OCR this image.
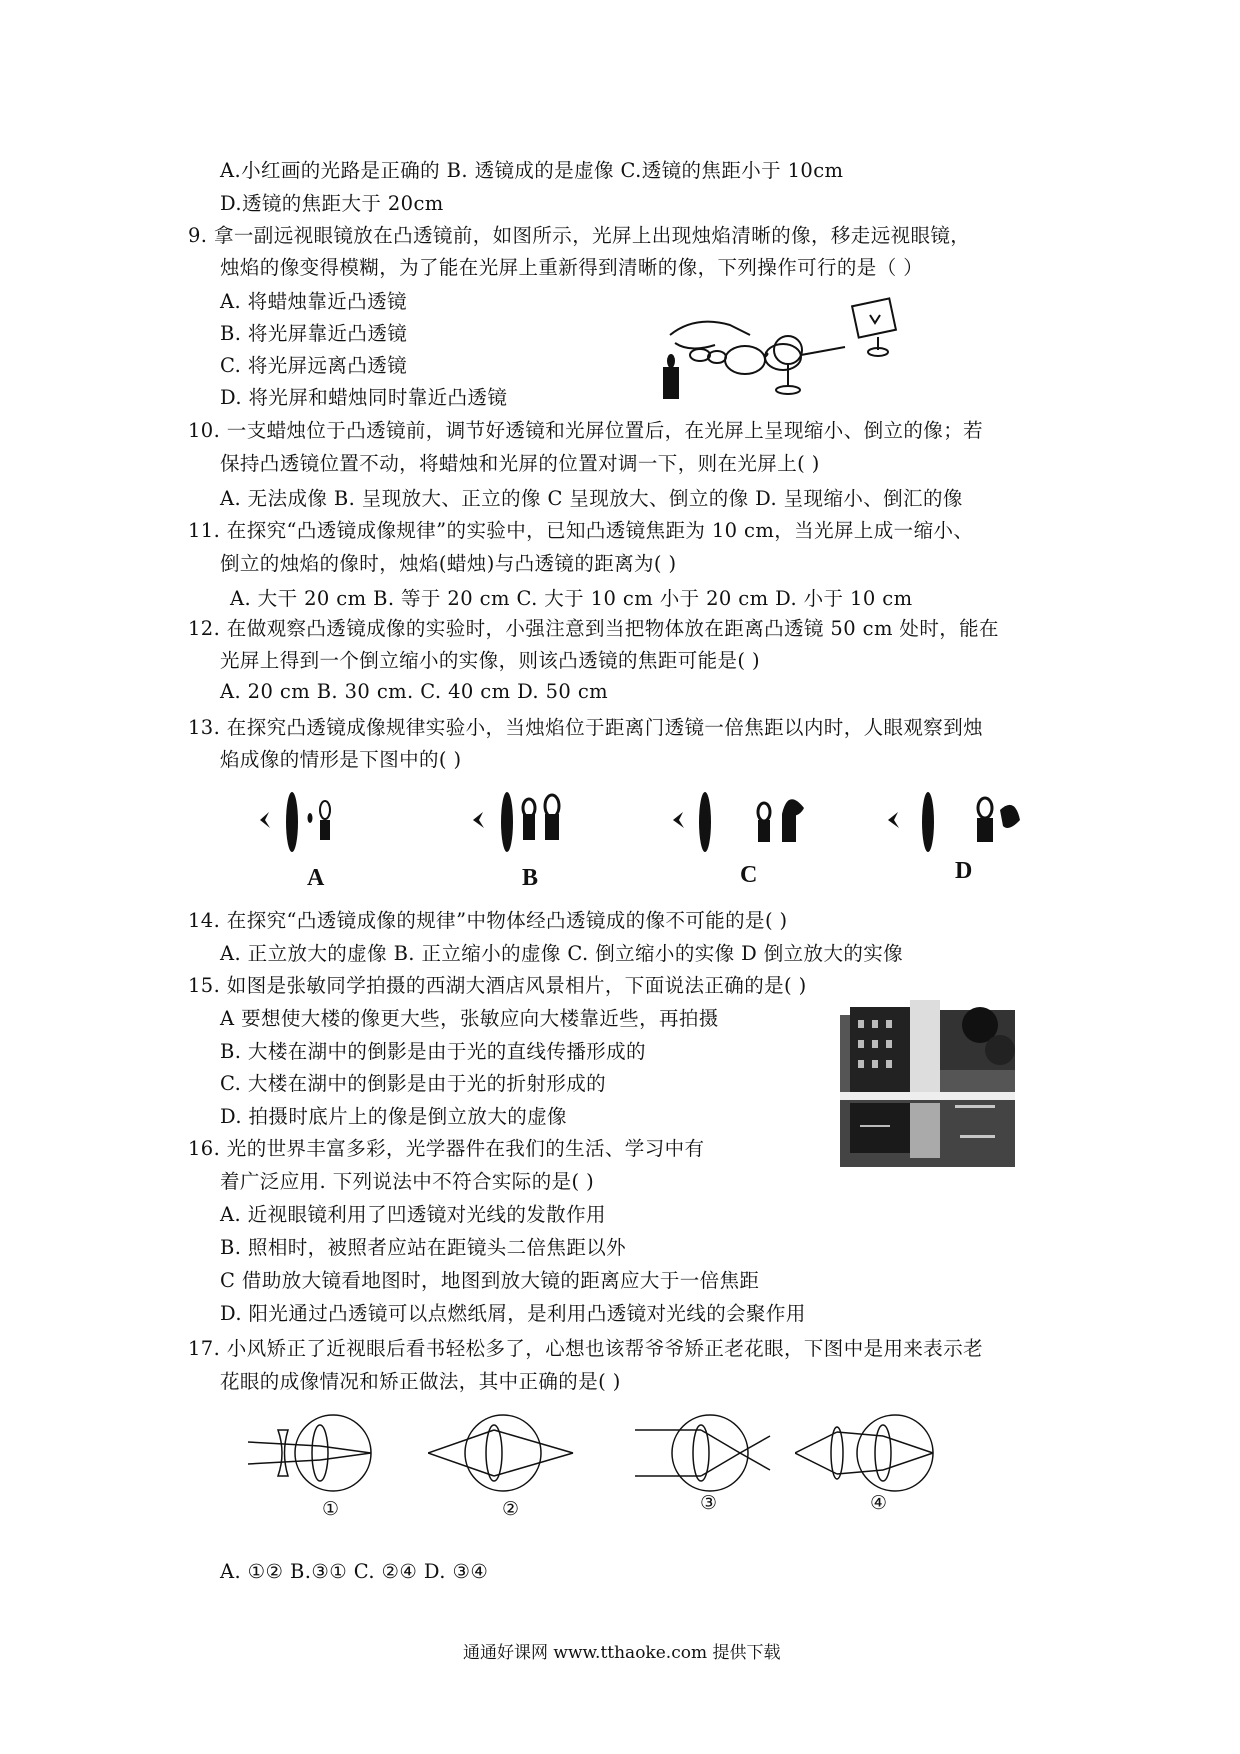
A.小红画的光路是正确的 B. 透镜成的是虚像 C.透镜的焦距小于 10cm
D.透镜的焦距大于 20cm
9. 拿一副远视眼镜放在凸透镜前，如图所示，光屏上出现烛焰清晰的像，移走远视眼镜，
烛焰的像变得模糊，为了能在光屏上重新得到清晰的像，下列操作可行的是（ ）
A. 将蜡烛靠近凸透镜
B. 将光屏靠近凸透镜
C. 将光屏远离凸透镜
D. 将光屏和蜡烛同时靠近凸透镜
10. 一支蜡烛位于凸透镜前，调节好透镜和光屏位置后，在光屏上呈现缩小、倒立的像；若
保持凸透镜位置不动，将蜡烛和光屏的位置对调一下，则在光屏上( )
A. 无法成像 B. 呈现放大、正立的像 C 呈现放大、倒立的像 D. 呈现缩小、倒汇的像
11. 在探究“凸透镜成像规律”的实验中，已知凸透镜焦距为 10 cm，当光屏上成一缩小、
倒立的烛焰的像时，烛焰(蜡烛)与凸透镜的距离为( )
A. 大干 20 cm B. 等于 20 cm C. 大于 10 cm 小于 20 cm D. 小于 10 cm
12. 在做观察凸透镜成像的实验时，小强注意到当把物体放在距离凸透镜 50 cm 处时，能在
光屏上得到一个倒立缩小的实像，则该凸透镜的焦距可能是( )
A. 20 cm B. 30 cm. C. 40 cm D. 50 cm
13. 在探究凸透镜成像规律实验小，当烛焰位于距离门透镜一倍焦距以内时，人眼观察到烛
焰成像的情形是下图中的( )
A	B	C	D
14. 在探究“凸透镜成像的规律”中物体经凸透镜成的像不可能的是( )
A. 正立放大的虚像 B. 正立缩小的虚像 C. 倒立缩小的实像 D 倒立放大的实像
15. 如图是张敏同学拍摄的西湖大酒店风景相片，下面说法正确的是( )
A 要想使大楼的像更大些，张敏应向大楼靠近些，再拍摄
B. 大楼在湖中的倒影是由于光的直线传播形成的
C. 大楼在湖中的倒影是由于光的折射形成的
D. 拍摄时底片上的像是倒立放大的虚像
16. 光的世界丰富多彩，光学器件在我们的生活、学习中有
着广泛应用. 下列说法中不符合实际的是( )
A. 近视眼镜利用了凹透镜对光线的发散作用
B. 照相时，被照者应站在距镜头二倍焦距以外
C 借助放大镜看地图时，地图到放大镜的距离应大于一倍焦距
D. 阳光通过凸透镜可以点燃纸屑，是利用凸透镜对光线的会聚作用
17. 小风矫正了近视眼后看书轻松多了，心想也该帮爷爷矫正老花眼，下图中是用来表示老
花眼的成像情况和矫正做法，其中正确的是( )
①	②	③	④
A. ①② B.③① C. ②④ D. ③④
通通好课网 www.tthaoke.com 提供下载
